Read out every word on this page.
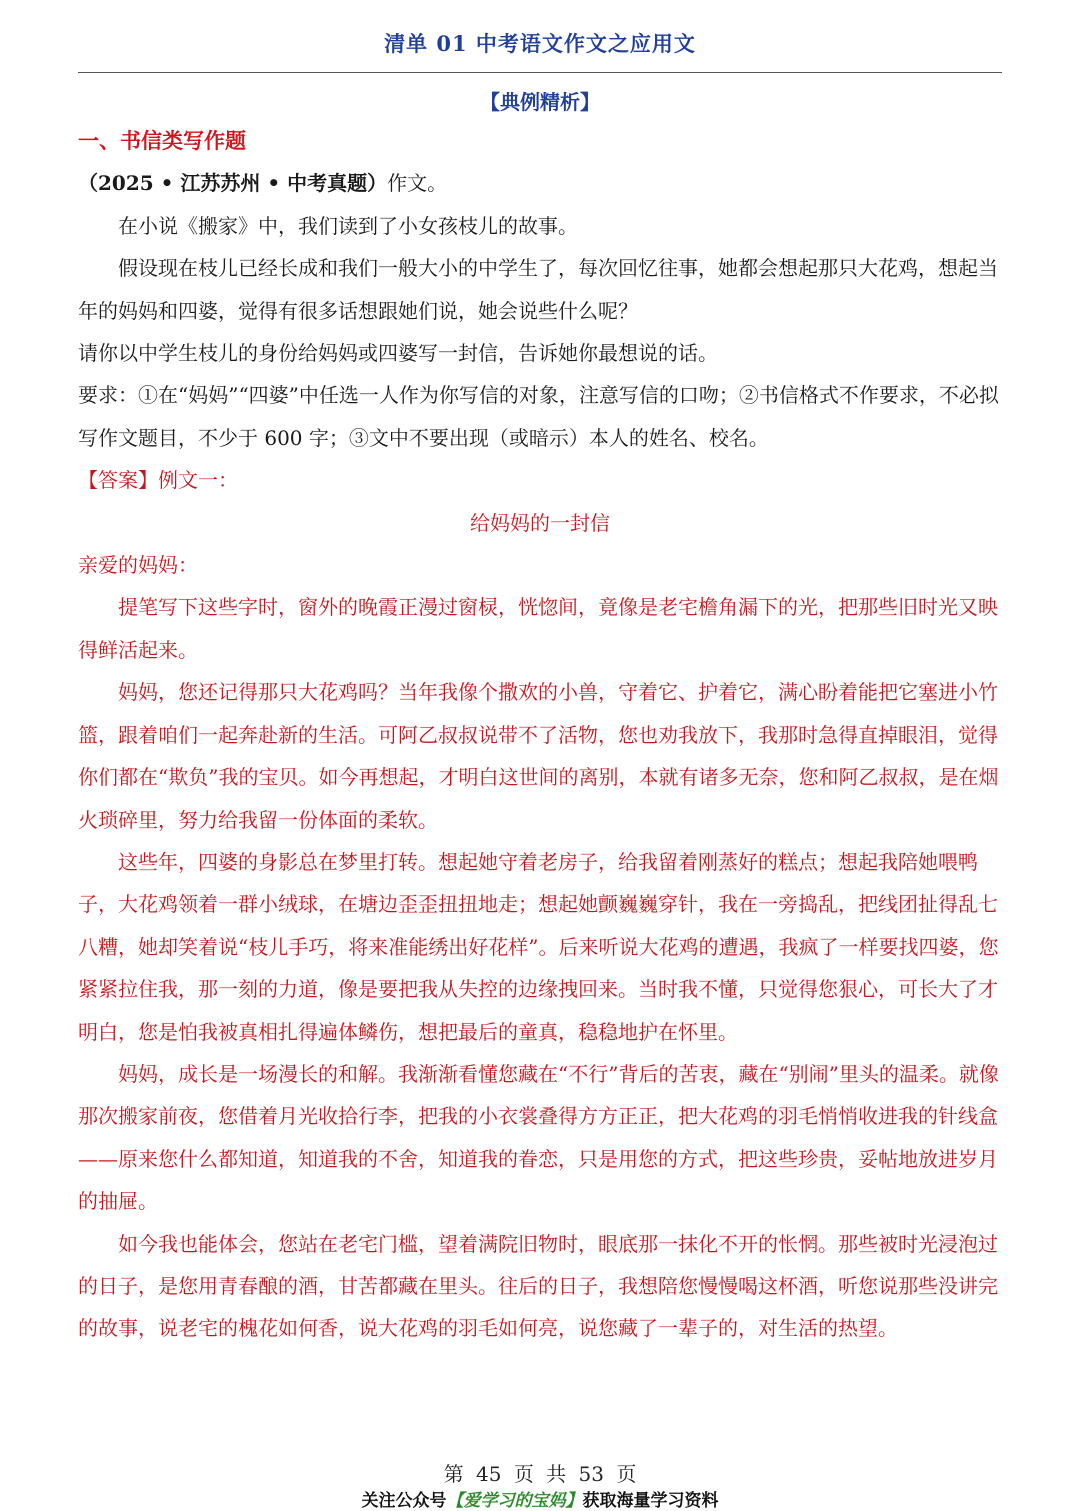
清单 01 中考语文作文之应用文
【典例精析】

一、书信类写作题

（2025 • 江苏苏州 • 中考真题）作文。

在小说《搬家》中，我们读到了小女孩枝儿的故事。

假设现在枝儿已经长成和我们一般大小的中学生了，每次回忆往事，她都会想起那只大花鸡，想起当年的妈妈和四婆，觉得有很多话想跟她们说，她会说些什么呢？

请你以中学生枝儿的身份给妈妈或四婆写一封信，告诉她你最想说的话。

要求：①在“妈妈”“四婆”中任选一人作为你写信的对象，注意写信的口吻；②书信格式不作要求，不必拟写作文题目，不少于 600 字；③文中不要出现（或暗示）本人的姓名、校名。

【答案】例文一：

给妈妈的一封信

亲爱的妈妈：

提笔写下这些字时，窗外的晚霞正漫过窗棂，恍惚间，竟像是老宅檐角漏下的光，把那些旧时光又映得鲜活起来。

妈妈，您还记得那只大花鸡吗？当年我像个撒欢的小兽，守着它、护着它，满心盼着能把它塞进小竹篮，跟着咱们一起奔赴新的生活。可阿乙叔叔说带不了活物，您也劝我放下，我那时急得直掉眼泪，觉得你们都在“欺负”我的宝贝。如今再想起，才明白这世间的离别，本就有诸多无奈，您和阿乙叔叔，是在烟火琐碎里，努力给我留一份体面的柔软。

这些年，四婆的身影总在梦里打转。想起她守着老房子，给我留着刚蒸好的糕点；想起我陪她喂鸭子，大花鸡领着一群小绒球，在塘边歪歪扭扭地走；想起她颤巍巍穿针，我在一旁捣乱，把线团扯得乱七八糟，她却笑着说“枝儿手巧，将来准能绣出好花样”。后来听说大花鸡的遭遇，我疯了一样要找四婆，您紧紧拉住我，那一刻的力道，像是要把我从失控的边缘拽回来。当时我不懂，只觉得您狠心，可长大了才明白，您是怕我被真相扎得遍体鳞伤，想把最后的童真，稳稳地护在怀里。

妈妈，成长是一场漫长的和解。我渐渐看懂您藏在“不行”背后的苦衷，藏在“别闹”里头的温柔。就像那次搬家前夜，您借着月光收拾行李，把我的小衣裳叠得方方正正，把大花鸡的羽毛悄悄收进我的针线盒——原来您什么都知道，知道我的不舍，知道我的眷恋，只是用您的方式，把这些珍贵，妥帖地放进岁月的抽屉。

如今我也能体会，您站在老宅门槛，望着满院旧物时，眼底那一抹化不开的怅惘。那些被时光浸泡过的日子，是您用青春酿的酒，甘苦都藏在里头。往后的日子，我想陪您慢慢喝这杯酒，听您说那些没讲完的故事，说老宅的槐花如何香，说大花鸡的羽毛如何亮，说您藏了一辈子的，对生活的热望。

第 45 页 共 53 页
关注公众号【爱学习的宝妈】获取海量学习资料
